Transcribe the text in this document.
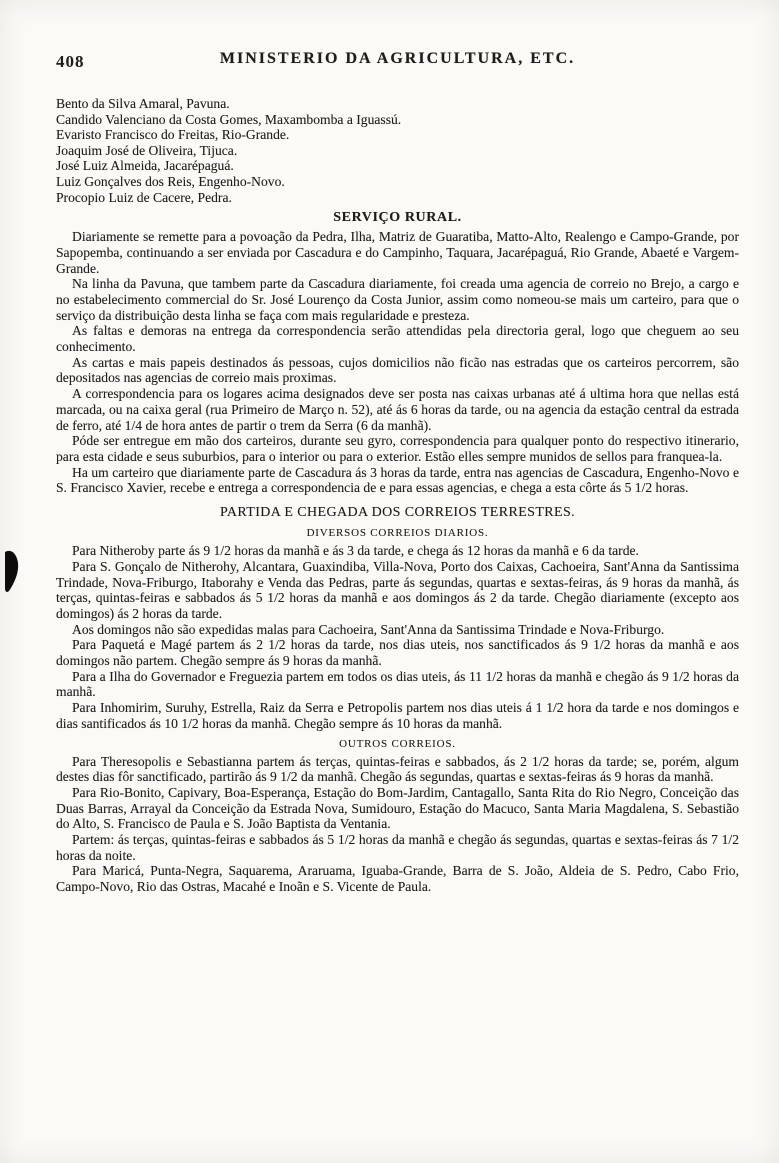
408	MINISTERIO DA AGRICULTURA, ETC.

Bento da Silva Amaral, Pavuna.

Candido Valenciano da Costa Gomes, Maxambomba a Iguassú.

Evaristo Francisco do Freitas, Rio-Grande.

Joaquim José de Oliveira, Tijuca.

José Luiz Almeida, Jacarépaguá.

Luiz Gonçalves dos Reis, Engenho-Novo.

Procopio Luiz de Cacere, Pedra.

SERVIÇO RURAL.

Diariamente se remette para a povoação da Pedra, Ilha, Matriz de Guaratiba, Matto-Alto, Realengo e Campo-Grande, por Sapopemba, continuando a ser enviada por Cascadura e do Campinho, Taquara, Jacarépaguá, Rio Grande, Abaeté e Vargem-Grande.

Na linha da Pavuna, que tambem parte da Cascadura diariamente, foi creada uma agencia de correio no Brejo, a cargo e no estabelecimento commercial do Sr. José Lourenço da Costa Junior, assim como nomeou-se mais um carteiro, para que o serviço da distribuição desta linha se faça com mais regularidade e presteza.

As faltas e demoras na entrega da correspondencia serão attendidas pela directoria geral, logo que cheguem ao seu conhecimento.

As cartas e mais papeis destinados ás pessoas, cujos domicilios não ficão nas estradas que os carteiros percorrem, são depositados nas agencias de correio mais proximas.

A correspondencia para os logares acima designados deve ser posta nas caixas urbanas até á ultima hora que nellas está marcada, ou na caixa geral (rua Primeiro de Março n. 52), até ás 6 horas da tarde, ou na agencia da estação central da estrada de ferro, até 1/4 de hora antes de partir o trem da Serra (6 da manhã).

Póde ser entregue em mão dos carteiros, durante seu gyro, correspondencia para qualquer ponto do respectivo itinerario, para esta cidade e seus suburbios, para o interior ou para o exterior. Estão elles sempre munidos de sellos para franquea-la.

Ha um carteiro que diariamente parte de Cascadura ás 3 horas da tarde, entra nas agencias de Cascadura, Engenho-Novo e S. Francisco Xavier, recebe e entrega a correspondencia de e para essas agencias, e chega a esta côrte ás 5 1/2 horas.

PARTIDA E CHEGADA DOS CORREIOS TERRESTRES.
DIVERSOS CORREIOS DIARIOS.

Para Nitheroby parte ás 9 1/2 horas da manhã e ás 3 da tarde, e chega ás 12 horas da manhã e 6 da tarde.

Para S. Gonçalo de Nitherohy, Alcantara, Guaxindiba, Villa-Nova, Porto dos Caixas, Cachoeira, Sant'Anna da Santissima Trindade, Nova-Friburgo, Itaborahy e Venda das Pedras, parte ás segundas, quartas e sextas-feiras, ás 9 horas da manhã, ás terças, quintas-feiras e sabbados ás 5 1/2 horas da manhã e aos domingos ás 2 da tarde. Chegão diariamente (excepto aos domingos) ás 2 horas da tarde.

Aos domingos não são expedidas malas para Cachoeira, Sant'Anna da Santissima Trindade e Nova-Friburgo.

Para Paquetá e Magé partem ás 2 1/2 horas da tarde, nos dias uteis, nos sanctificados ás 9 1/2 horas da manhã e aos domingos não partem. Chegão sempre ás 9 horas da manhã.

Para a Ilha do Governador e Freguezia partem em todos os dias uteis, ás 11 1/2 horas da manhã e chegão ás 9 1/2 horas da manhã.

Para Inhomirim, Suruhy, Estrella, Raiz da Serra e Petropolis partem nos dias uteis á 1 1/2 hora da tarde e nos domingos e dias santificados ás 10 1/2 horas da manhã. Chegão sempre ás 10 horas da manhã.

OUTROS CORREIOS.

Para Theresopolis e Sebastianna partem ás terças, quintas-feiras e sabbados, ás 2 1/2 horas da tarde; se, porém, algum destes dias fôr sanctificado, partirão ás 9 1/2 da manhã. Chegão ás segundas, quartas e sextas-feiras ás 9 horas da manhã.

Para Rio-Bonito, Capivary, Boa-Esperança, Estação do Bom-Jardim, Cantagallo, Santa Rita do Rio Negro, Conceição das Duas Barras, Arrayal da Conceição da Estrada Nova, Sumidouro, Estação do Macuco, Santa Maria Magdalena, S. Sebastião do Alto, S. Francisco de Paula e S. João Baptista da Ventania.

Partem: ás terças, quintas-feiras e sabbados ás 5 1/2 horas da manhã e chegão ás segundas, quartas e sextas-feiras ás 7 1/2 horas da noite.

Para Maricá, Punta-Negra, Saquarema, Araruama, Iguaba-Grande, Barra de S. João, Aldeia de S. Pedro, Cabo Frio, Campo-Novo, Rio das Ostras, Macahé e Inoãn e S. Vicente de Paula.
